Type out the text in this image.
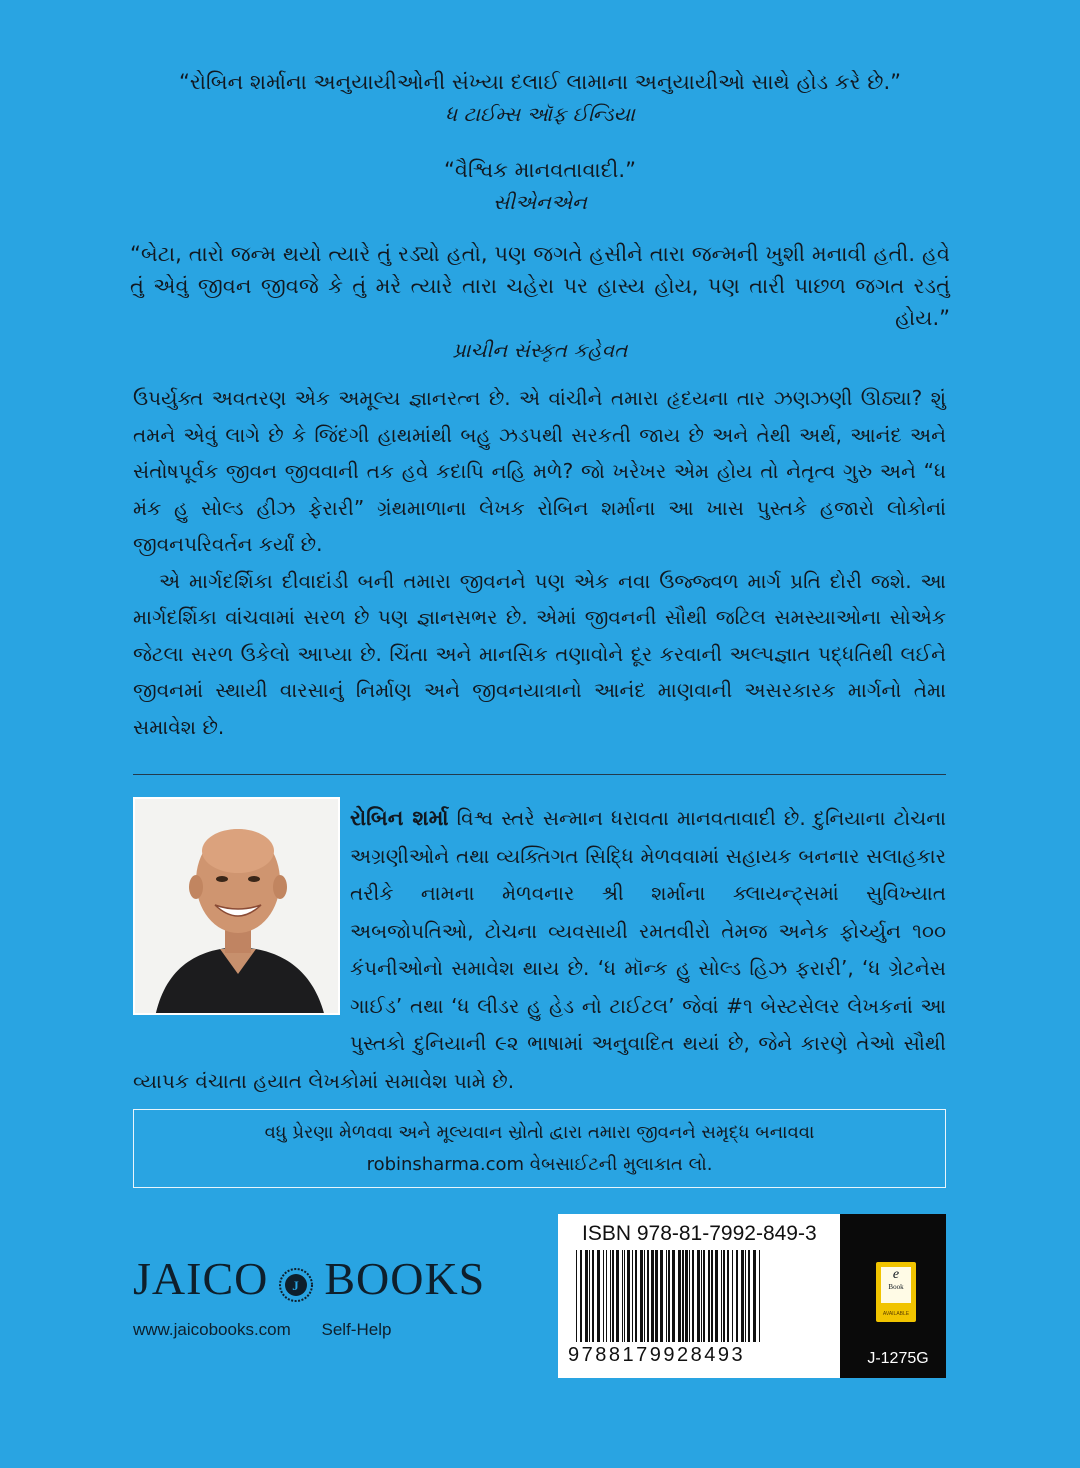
“રોબિન શર્માના અનુયાયીઓની સંખ્યા દલાઈ લામાના અનુયાયીઓ સાથે હોડ કરે છે.”
ધ ટાઈમ્સ ઑફ ઈન્ડિયા
“વૈશ્વિક માનવતાવાદી.”
સીએનએન
“બેટા, તારો જન્મ થયો ત્યારે તું રડ્યો હતો, પણ જગતે હસીને તારા જન્મની ખુશી મનાવી હતી. હવે તું એવું જીવન જીવજે કે તું મરે ત્યારે તારા ચહેરા પર હાસ્ય હોય, પણ તારી પાછળ જગત રડતું હોય.”
પ્રાચીન સંસ્કૃત કહેવત

ઉપર્યુક્ત અવતરણ એક અમૂલ્ય જ્ઞાનરત્ન છે. એ વાંચીને તમારા હૃદયના તાર ઝણઝણી ઊઠ્યા? શું તમને એવું લાગે છે કે જિંદગી હાથમાંથી બહુ ઝડપથી સરકતી જાય છે અને તેથી અર્થ, આનંદ અને સંતોષપૂર્વક જીવન જીવવાની તક હવે કદાપિ નહિ મળે? જો ખરેખર એમ હોય તો નેતૃત્વ ગુરુ અને “ધ મંક હુ સોલ્ડ હીઝ ફેરારી” ગ્રંથમાળાના લેખક રોબિન શર્માના આ ખાસ પુસ્તકે હજારો લોકોનાં જીવનપરિવર્તન કર્યાં છે.

એ માર્ગદર્શિકા દીવાદાંડી બની તમારા જીવનને પણ એક નવા ઉજ્જ્વળ માર્ગ પ્રતિ દોરી જશે. આ માર્ગદર્શિકા વાંચવામાં સરળ છે પણ જ્ઞાનસભર છે. એમાં જીવનની સૌથી જટિલ સમસ્યાઓના સોએક જેટલા સરળ ઉકેલો આપ્યા છે. ચિંતા અને માનસિક તણાવોને દૂર કરવાની અલ્પજ્ઞાત પદ્ધતિથી લઈને જીવનમાં સ્થાયી વારસાનું નિર્માણ અને જીવનયાત્રાનો આનંદ માણવાની અસરકારક માર્ગનો તેમા સમાવેશ છે.

રોબિન શર્મા વિશ્વ સ્તરે સન્માન ધરાવતા માનવતાવાદી છે. દુનિયાના ટોચના અગ્રણીઓને તથા વ્યક્તિગત સિદ્ધિ મેળવવામાં સહાયક બનનાર સલાહકાર તરીકે નામના મેળવનાર શ્રી શર્માના ક્લાયન્ટ્સમાં સુવિખ્યાત અબજોપતિઓ, ટોચના વ્યવસાયી રમતવીરો તેમજ અનેક ફોર્ચ્યુન ૧૦૦ કંપનીઓનો સમાવેશ થાય છે. ‘ધ મૉન્ક હુ સોલ્ડ હિઝ ફરારી’, ‘ધ ગ્રેટનેસ ગાઈડ’ તથા ‘ધ લીડર હુ હેડ નો ટાઈટલ’ જેવાં #૧ બેસ્ટસેલર લેખકનાં આ પુસ્તકો દુનિયાની ૯૨ ભાષામાં અનુવાદિત થયાં છે, જેને કારણે તેઓ સૌથી વ્યાપક વંચાતા હયાત લેખકોમાં સમાવેશ પામે છે.
વધુ પ્રેરણા મેળવવા અને મૂલ્યવાન સ્રોતો દ્વારા તમારા જીવનને સમૃદ્ધ બનાવવા
robinsharma.com વેબસાઈટની મુલાકાત લો.
JAICO J BOOKS
www.jaicobooks.com Self-Help
ISBN 978-81-7992-849-3
9788179928493
e
Book
AVAILABLE
J-1275G
